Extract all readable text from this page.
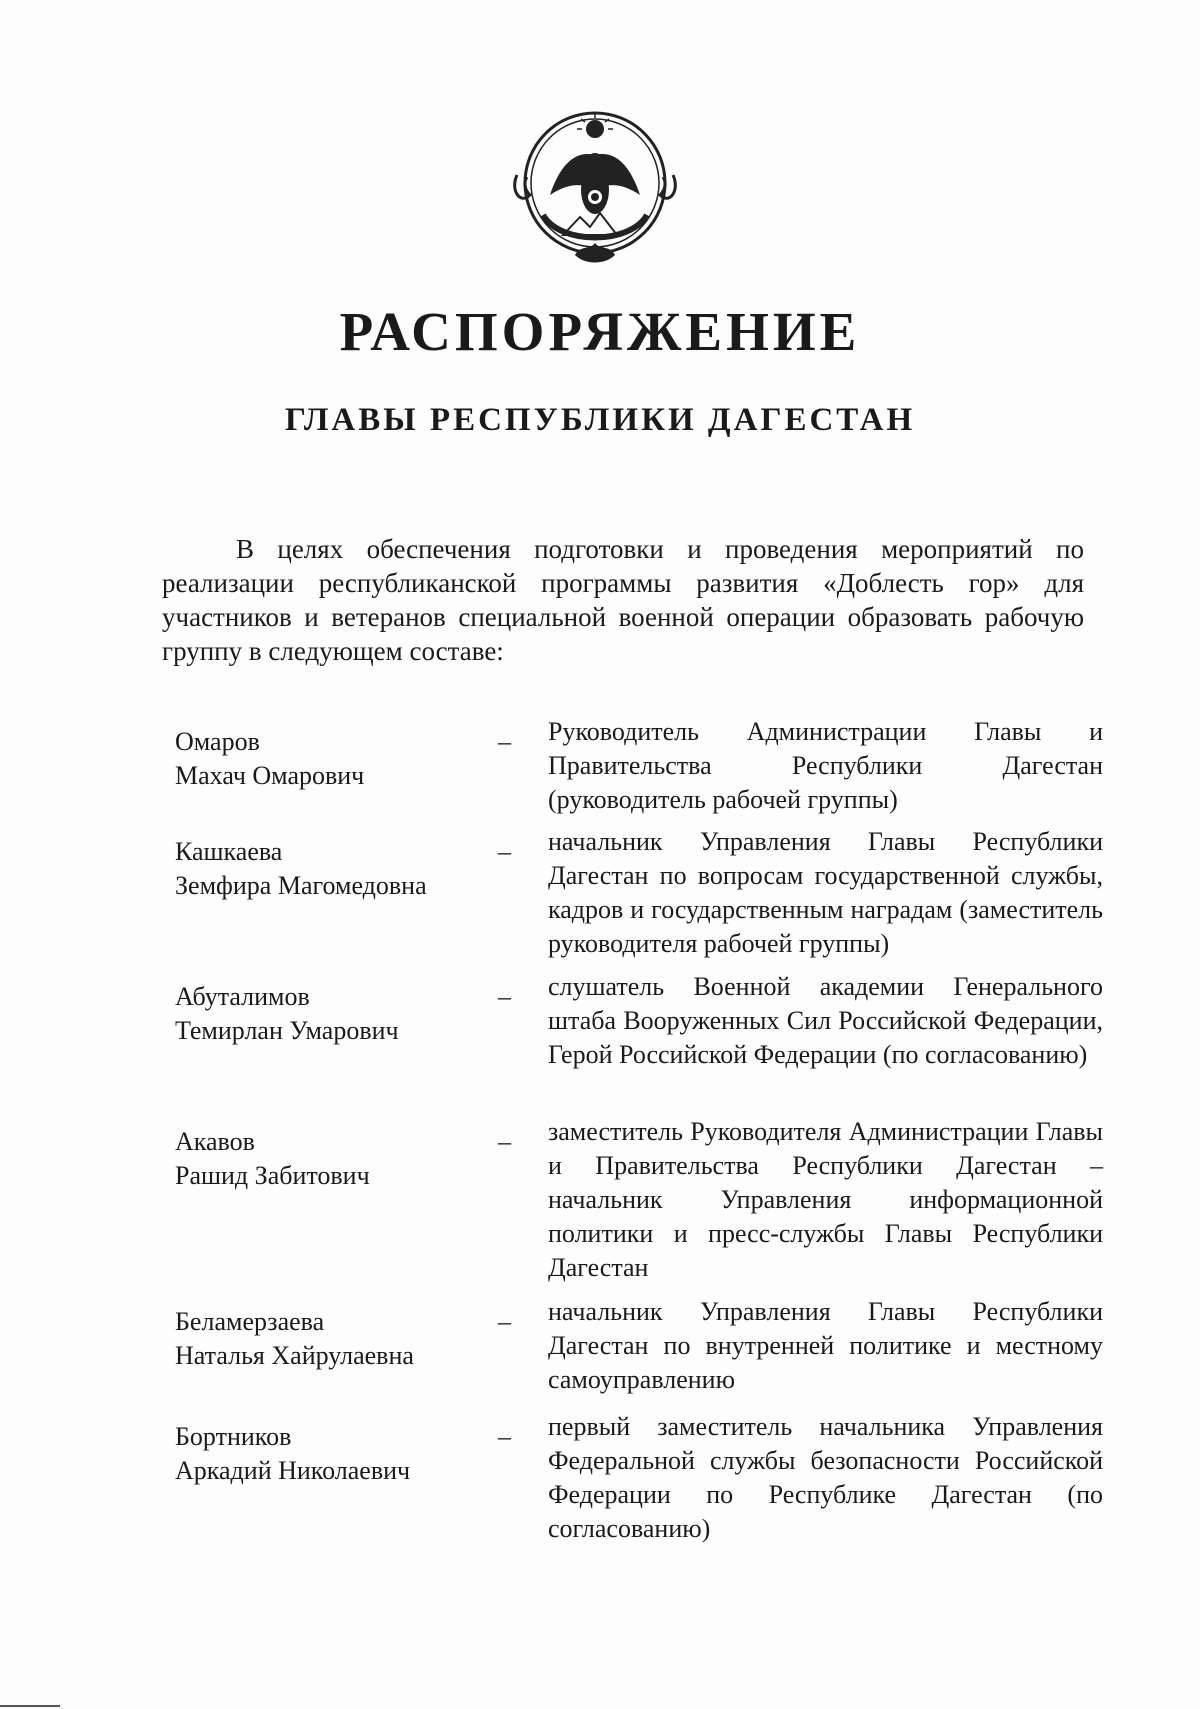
РАСПОРЯЖЕНИЕ
ГЛАВЫ РЕСПУБЛИКИ ДАГЕСТАН

В целях обеспечения подготовки и проведения мероприятий по реализации республиканской программы развития «Доблесть гор» для участников и ветеранов специальной военной операции образовать рабочую группу в следующем составе:

Омаров
Махач Омарович
– Руководитель Администрации Главы и Правительства Республики Дагестан (руководитель рабочей группы)
Кашкаева
Земфира Магомедовна
– начальник Управления Главы Республики Дагестан по вопросам государственной службы, кадров и государственным наградам (заместитель руководителя рабочей группы)
Абуталимов
Темирлан Умарович
– слушатель Военной академии Генерального штаба Вооруженных Сил Российской Федерации, Герой Российской Федерации (по согласованию)
Акавов
Рашид Забитович
– заместитель Руководителя Администрации Главы и Правительства Республики Дагестан – начальник Управления информационной политики и пресс-службы Главы Республики Дагестан
Беламерзаева
Наталья Хайрулаевна
– начальник Управления Главы Республики Дагестан по внутренней политике и местному самоуправлению
Бортников
Аркадий Николаевич
– первый заместитель начальника Управления Федеральной службы безопасности Российской Федерации по Республике Дагестан (по согласованию)
